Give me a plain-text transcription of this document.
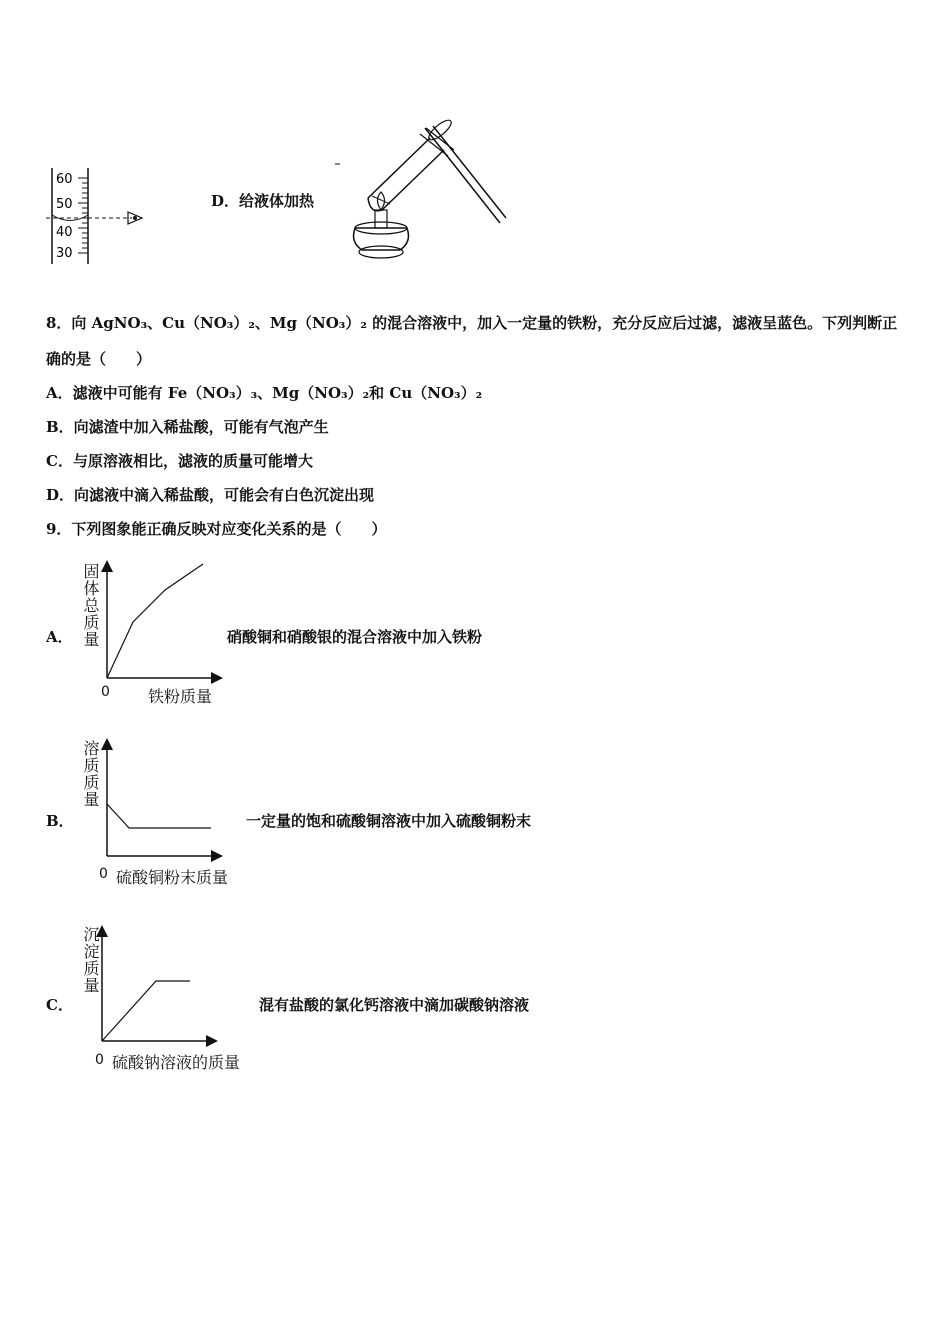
60
50
40
30
D．给液体加热
8．向 AgNO₃、Cu（NO₃）₂、Mg（NO₃）₂ 的混合溶液中，加入一定量的铁粉，充分反应后过滤，滤液呈蓝色。下列判断正
确的是（　　）
A．滤液中可能有 Fe（NO₃）₃、Mg（NO₃）₂和 Cu（NO₃）₂
B．向滤渣中加入稀盐酸，可能有气泡产生
C．与原溶液相比，滤液的质量可能增大
D．向滤液中滴入稀盐酸，可能会有白色沉淀出现
9．下列图象能正确反映对应变化关系的是（　　）
A． 固体总质量
0 铁粉质量
硝酸铜和硝酸银的混合溶液中加入铁粉
B．
溶质质量
0 硫酸铜粉末质量
一定量的饱和硫酸铜溶液中加入硫酸铜粉末
C．
沉淀质量
0 硫酸钠溶液的质量
混有盐酸的氯化钙溶液中滴加碳酸钠溶液
